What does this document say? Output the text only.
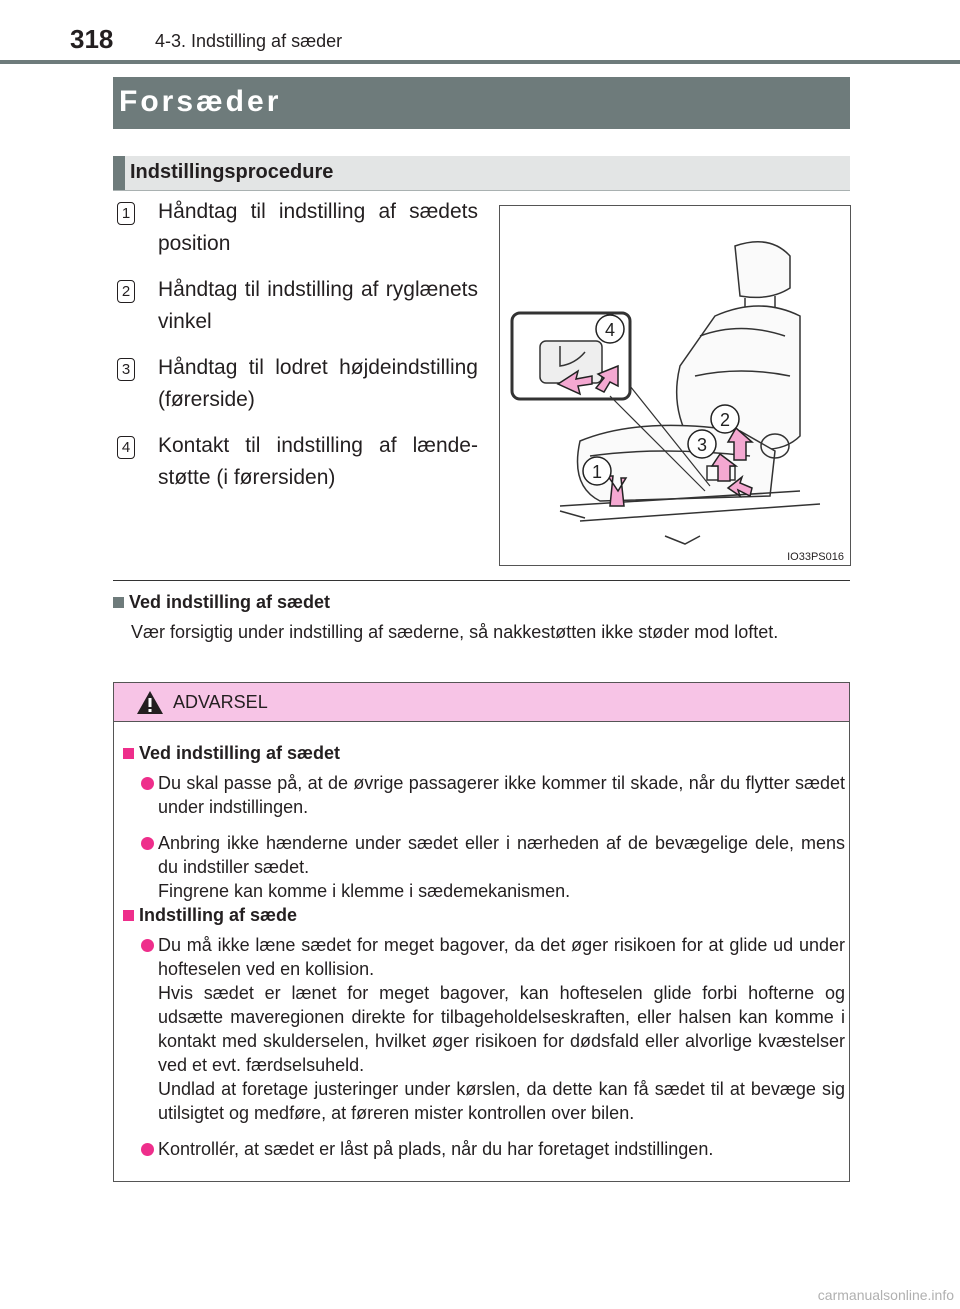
318 4-3. Indstilling af sæder
Forsæder
Indstillingsprocedure
1 Håndtag til indstilling af sædets position
2 Håndtag til indstilling af ryglænets vinkel
3 Håndtag til lodret højdeindstilling (førerside)
4 Kontakt til indstilling af lændestøtte (i førersiden)
4
2
3
1
IO33PS016
Ved indstilling af sædet
Vær forsigtig under indstilling af sæderne, så nakkestøtten ikke støder mod loftet.
ADVARSEL
Ved indstilling af sædet
Du skal passe på, at de øvrige passagerer ikke kommer til skade, når du flytter sædet under indstillingen.
Anbring ikke hænderne under sædet eller i nærheden af de bevægelige dele, mens du indstiller sædet.
Fingrene kan komme i klemme i sædemekanismen.
Indstilling af sæde
Du må ikke læne sædet for meget bagover, da det øger risikoen for at glide ud under hofteselen ved en kollision.
Hvis sædet er lænet for meget bagover, kan hofteselen glide forbi hofterne og udsætte maveregionen direkte for tilbageholdelseskraften, eller halsen kan komme i kontakt med skulderselen, hvilket øger risikoen for dødsfald eller alvorlige kvæstelser ved et evt. færdselsuheld.
Undlad at foretage justeringer under kørslen, da dette kan få sædet til at bevæge sig utilsigtet og medføre, at føreren mister kontrollen over bilen.
Kontrollér, at sædet er låst på plads, når du har foretaget indstillingen.
carmanualsonline.info
